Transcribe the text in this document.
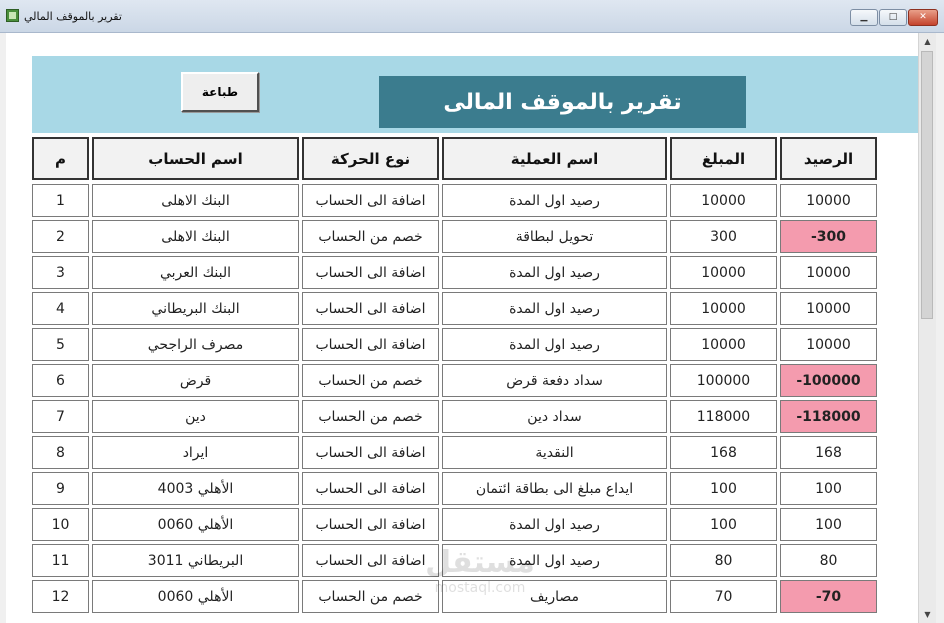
تقرير بالموقف المالي	▁	□	✕
▲
▼
تقرير بالموقف المالى
طباعة
م	اسم الحساب	نوع الحركة	اسم العملية	المبلغ	الرصيد
1	البنك الاهلى	اضافة الى الحساب	رصيد اول المدة	10000	10000
2	البنك الاهلى	خصم من الحساب	تحويل لبطاقة	300	-300
3	البنك العربي	اضافة الى الحساب	رصيد اول المدة	10000	10000
4	البنك البريطاني	اضافة الى الحساب	رصيد اول المدة	10000	10000
5	مصرف الراجحي	اضافة الى الحساب	رصيد اول المدة	10000	10000
6	قرض	خصم من الحساب	سداد دفعة قرض	100000	-100000
7	دين	خصم من الحساب	سداد دين	118000	-118000
8	ايراد	اضافة الى الحساب	النقدية	168	168
9	الأهلي 4003	اضافة الى الحساب	ايداع مبلغ الى بطاقة ائتمان	100	100
10	الأهلي 0060	اضافة الى الحساب	رصيد اول المدة	100	100
11	البريطاني 3011	اضافة الى الحساب	رصيد اول المدة	80	80
12	الأهلي 0060	خصم من الحساب	مصاريف	70	-70
